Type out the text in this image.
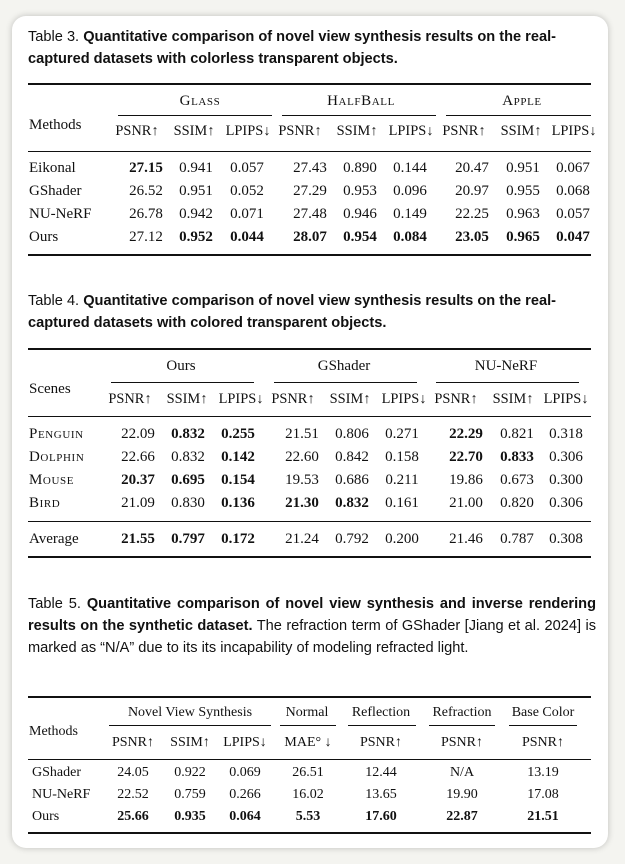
Table 3. Quantitative comparison of novel view synthesis results on the real-captured datasets with colorless transparent objects.
Methods
Glass	HalfBall	Apple
PSNR↑ SSIM↑ LPIPS↓ PSNR↑ SSIM↑ LPIPS↓ PSNR↑ SSIM↑ LPIPS↓
Eikonal	27.15 0.941 0.057 27.43 0.890 0.144 20.47 0.951 0.067
GShader	26.52 0.951 0.052 27.29 0.953 0.096 20.97 0.955 0.068
NU-NeRF	26.78 0.942 0.071 27.48 0.946 0.149 22.25 0.963 0.057
Ours	27.12 0.952 0.044 28.07 0.954 0.084 23.05 0.965 0.047
Table 4. Quantitative comparison of novel view synthesis results on the real-captured datasets with colored transparent objects.
Scenes
Ours	GShader	NU-NeRF
PSNR↑ SSIM↑ LPIPS↓ PSNR↑ SSIM↑ LPIPS↓ PSNR↑ SSIM↑ LPIPS↓
Penguin 22.09 0.832 0.255 21.51 0.806 0.271 22.29 0.821 0.318
Dolphin 22.66 0.832 0.142 22.60 0.842 0.158 22.70 0.833 0.306
Mouse	20.37 0.695 0.154 19.53 0.686 0.211 19.86 0.673 0.300
Bird	21.09 0.830 0.136 21.30 0.832 0.161 21.00 0.820 0.306
Average	21.55 0.797 0.172 21.24 0.792 0.200 21.46 0.787 0.308
Table 5. Quantitative comparison of novel view synthesis and inverse rendering results on the synthetic dataset. The refraction term of GShader [Jiang et al. 2024] is marked as “N/A” due to its its incapability of modeling refracted light.
Methods
Novel View Synthesis Normal Reflection Refraction Base Color
PSNR↑ SSIM↑ LPIPS↓ MAE° ↓ PSNR↑	PSNR↑	PSNR↑
GShader	24.05 0.922 0.069 26.51	12.44	N/A	13.19
NU-NeRF 22.52 0.759 0.266 16.02	13.65	19.90	17.08
Ours	25.66 0.935 0.064	5.53	17.60	22.87	21.51
